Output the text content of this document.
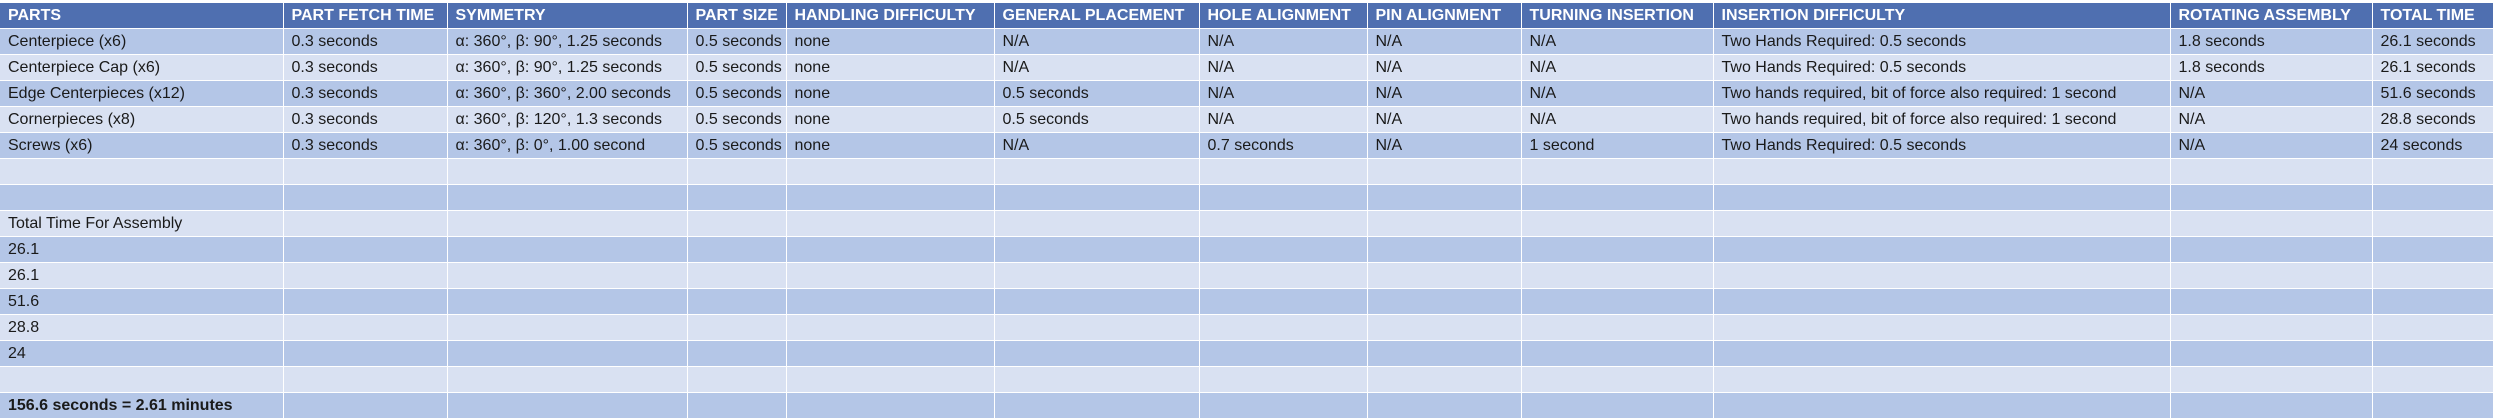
PARTS	PART FETCH TIME	SYMMETRY	PART SIZE	HANDLING DIFFICULTY	GENERAL PLACEMENT	HOLE ALIGNMENT	PIN ALIGNMENT	TURNING INSERTION	INSERTION DIFFICULTY	ROTATING ASSEMBLY	TOTAL TIME
Centerpiece (x6)	0.3 seconds	α: 360°, β: 90°, 1.25 seconds	0.5 seconds	none	N/A	N/A	N/A	N/A	Two Hands Required: 0.5 seconds	1.8 seconds	26.1 seconds
Centerpiece Cap (x6)	0.3 seconds	α: 360°, β: 90°, 1.25 seconds	0.5 seconds	none	N/A	N/A	N/A	N/A	Two Hands Required: 0.5 seconds	1.8 seconds	26.1 seconds
Edge Centerpieces (x12)	0.3 seconds	α: 360°, β: 360°, 2.00 seconds	0.5 seconds	none	0.5 seconds	N/A	N/A	N/A	Two hands required, bit of force also required: 1 second	N/A	51.6 seconds
Cornerpieces (x8)	0.3 seconds	α: 360°, β: 120°, 1.3 seconds	0.5 seconds	none	0.5 seconds	N/A	N/A	N/A	Two hands required, bit of force also required: 1 second	N/A	28.8 seconds
Screws (x6)	0.3 seconds	α: 360°, β: 0°, 1.00 second	0.5 seconds	none	N/A	0.7 seconds	N/A	1 second	Two Hands Required: 0.5 seconds	N/A	24 seconds

Total Time For Assembly											
26.1											
26.1											
51.6											
28.8											
24											

156.6 seconds = 2.61 minutes											
